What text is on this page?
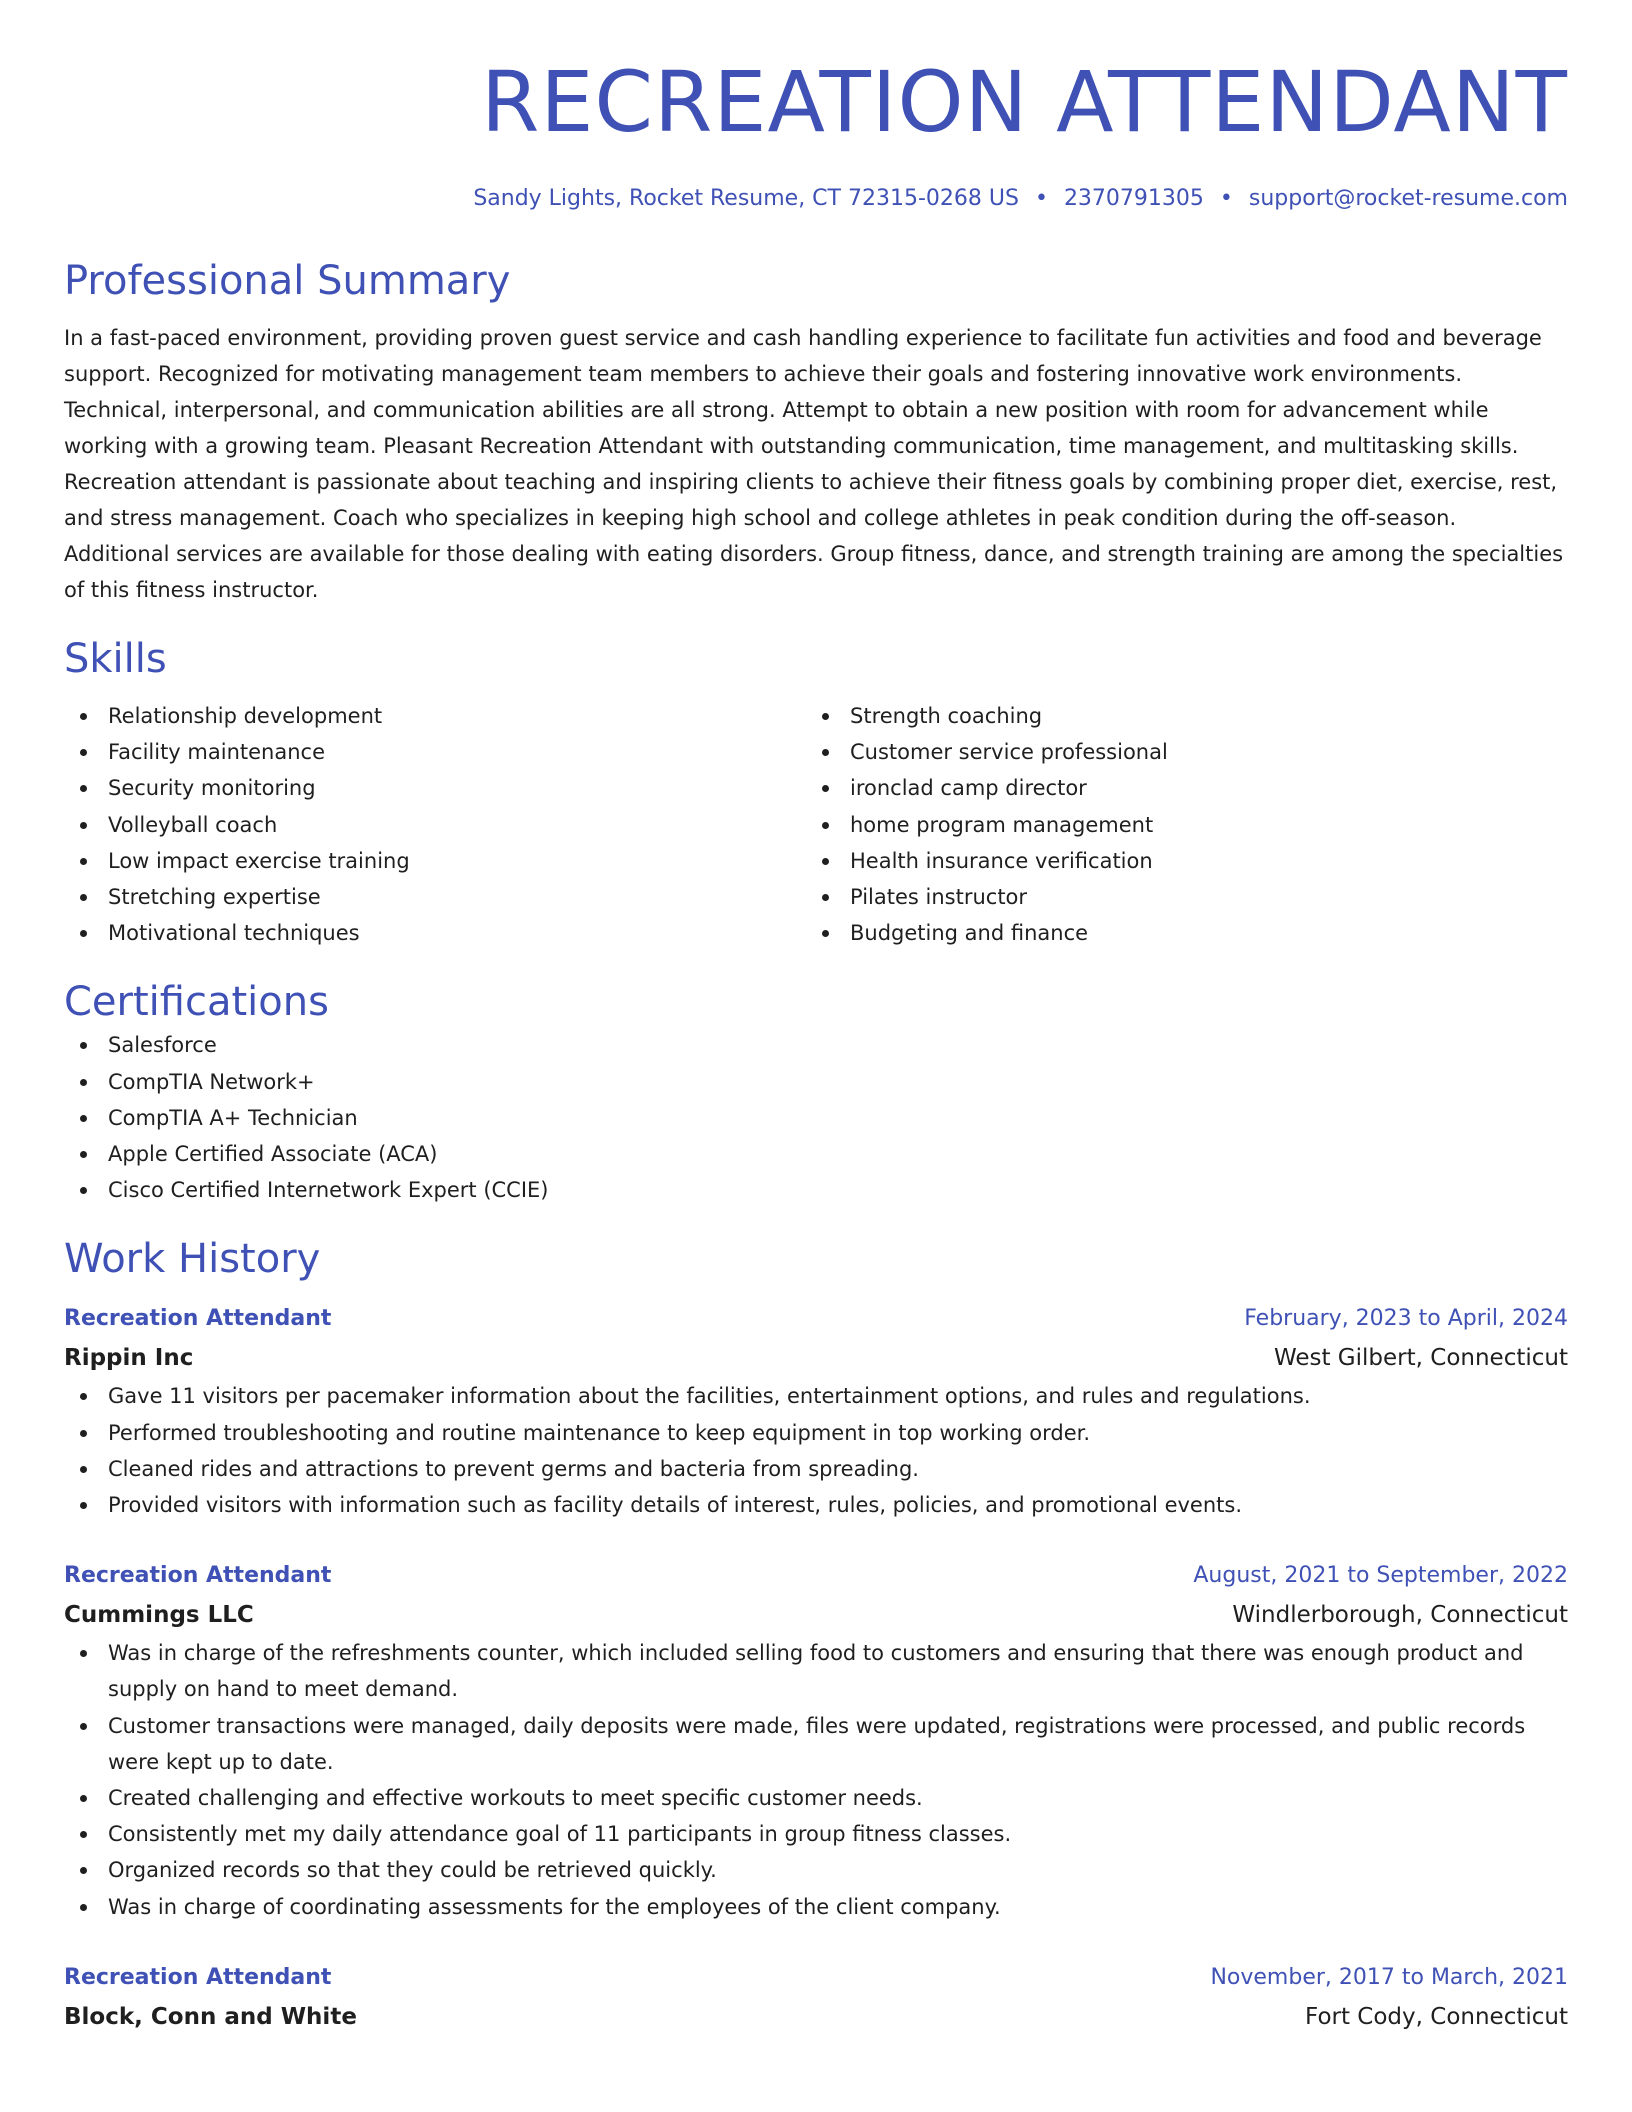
RECREATION ATTENDANT
Sandy Lights, Rocket Resume, CT 72315-0268 US • 2370791305 • support@rocket-resume.com
Professional Summary
In a fast-paced environment, providing proven guest service and cash handling experience to facilitate fun activities and food and beverage support. Recognized for motivating management team members to achieve their goals and fostering innovative work environments. Technical, interpersonal, and communication abilities are all strong. Attempt to obtain a new position with room for advancement while working with a growing team. Pleasant Recreation Attendant with outstanding communication, time management, and multitasking skills. Recreation attendant is passionate about teaching and inspiring clients to achieve their fitness goals by combining proper diet, exercise, rest, and stress management. Coach who specializes in keeping high school and college athletes in peak condition during the off-season. Additional services are available for those dealing with eating disorders. Group fitness, dance, and strength training are among the specialties of this fitness instructor.
Skills
Relationship development
Facility maintenance
Security monitoring
Volleyball coach
Low impact exercise training
Stretching expertise
Motivational techniques
Strength coaching
Customer service professional
ironclad camp director
home program management
Health insurance verification
Pilates instructor
Budgeting and finance
Certifications
Salesforce
CompTIA Network+
CompTIA A+ Technician
Apple Certified Associate (ACA)
Cisco Certified Internetwork Expert (CCIE)
Work History
Recreation Attendant	February, 2023 to April, 2024
Rippin Inc	West Gilbert, Connecticut
Gave 11 visitors per pacemaker information about the facilities, entertainment options, and rules and regulations.
Performed troubleshooting and routine maintenance to keep equipment in top working order.
Cleaned rides and attractions to prevent germs and bacteria from spreading.
Provided visitors with information such as facility details of interest, rules, policies, and promotional events.
Recreation Attendant	August, 2021 to September, 2022
Cummings LLC	Windlerborough, Connecticut
Was in charge of the refreshments counter, which included selling food to customers and ensuring that there was enough product and supply on hand to meet demand.
Customer transactions were managed, daily deposits were made, files were updated, registrations were processed, and public records were kept up to date.
Created challenging and effective workouts to meet specific customer needs.
Consistently met my daily attendance goal of 11 participants in group fitness classes.
Organized records so that they could be retrieved quickly.
Was in charge of coordinating assessments for the employees of the client company.
Recreation Attendant	November, 2017 to March, 2021
Block, Conn and White	Fort Cody, Connecticut
